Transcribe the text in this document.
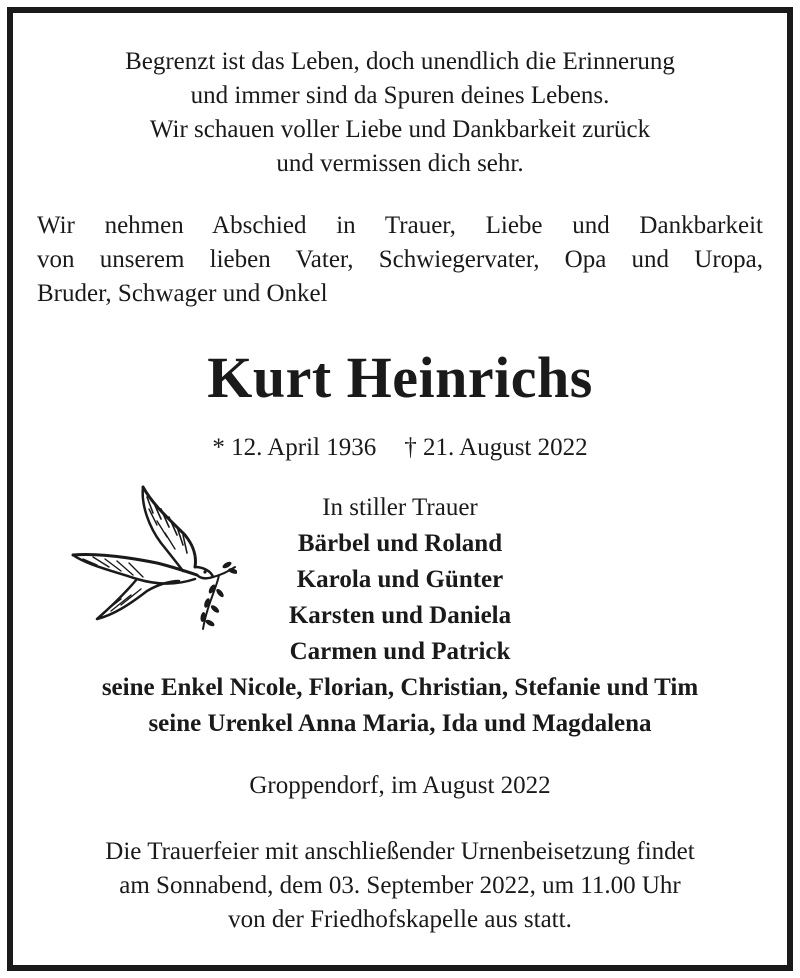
Begrenzt ist das Leben, doch unendlich die Erinnerung
und immer sind da Spuren deines Lebens.
Wir schauen voller Liebe und Dankbarkeit zurück
und vermissen dich sehr.
Wir nehmen Abschied in Trauer, Liebe und Dankbarkeit
von unserem lieben Vater, Schwiegervater, Opa und Uropa,
Bruder, Schwager und Onkel
Kurt Heinrichs
* 12. April 1936 † 21. August 2022
In stiller Trauer
Bärbel und Roland
Karola und Günter
Karsten und Daniela
Carmen und Patrick
seine Enkel Nicole, Florian, Christian, Stefanie und Tim
seine Urenkel Anna Maria, Ida und Magdalena
Groppendorf, im August 2022
Die Trauerfeier mit anschließender Urnenbeisetzung findet
am Sonnabend, dem 03. September 2022, um 11.00 Uhr
von der Friedhofskapelle aus statt.
